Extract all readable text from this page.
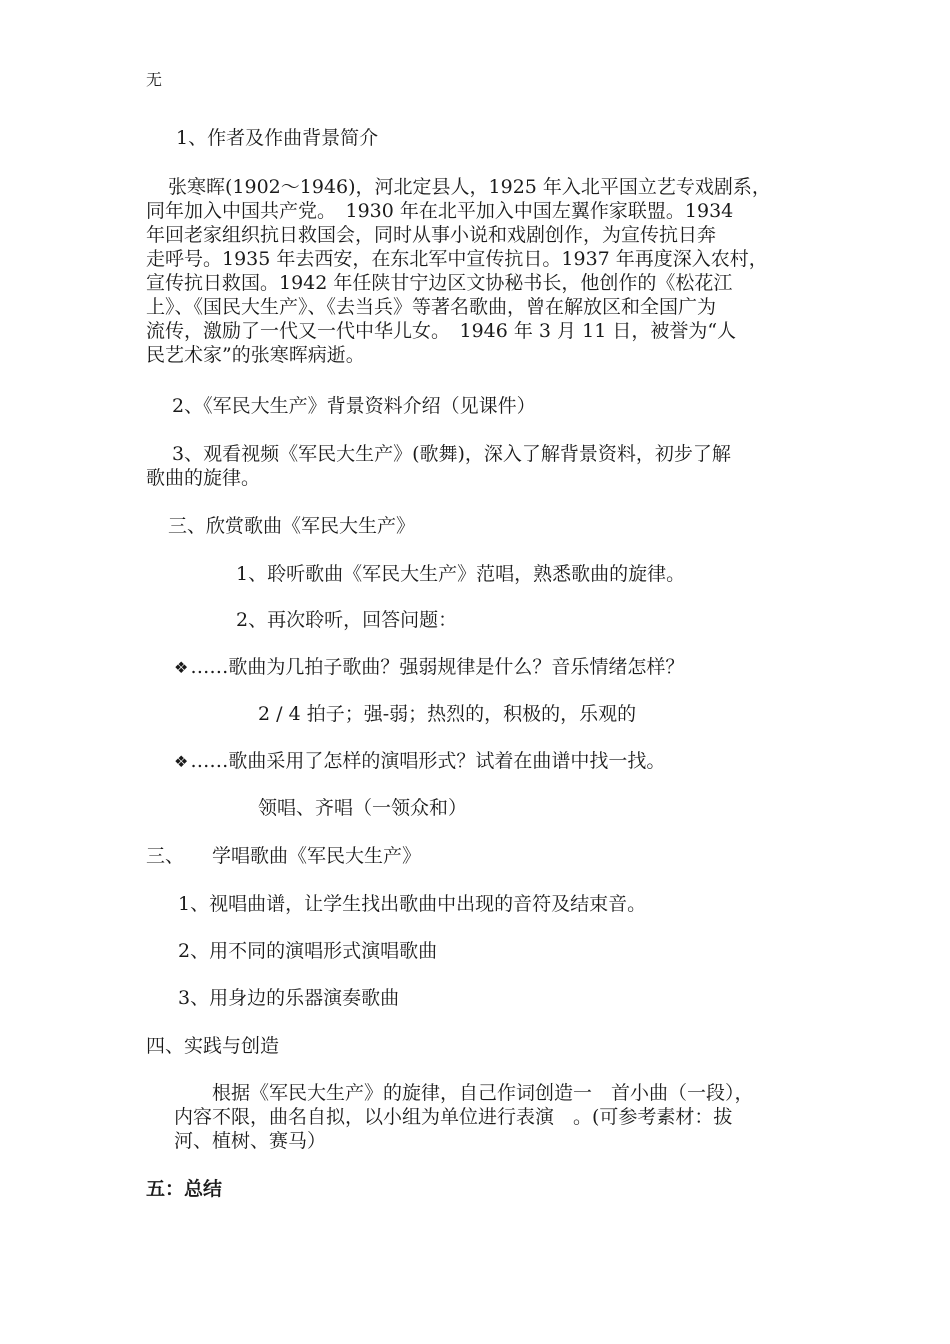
无
1、作者及作曲背景简介
张寒晖(1902～1946)，河北定县人，1925 年入北平国立艺专戏剧系，
同年加入中国共产党。　1930 年在北平加入中国左翼作家联盟。1934
年回老家组织抗日救国会，同时从事小说和戏剧创作，为宣传抗日奔
走呼号。1935 年去西安，在东北军中宣传抗日。1937 年再度深入农村，
宣传抗日救国。1942 年任陕甘宁边区文协秘书长，他创作的《松花江
上》、《国民大生产》、《去当兵》等著名歌曲，曾在解放区和全国广为
流传，激励了一代又一代中华儿女。　1946 年 3 月 11 日，被誉为“人
民艺术家”的张寒晖病逝。
2、《军民大生产》背景资料介绍（见课件）
3、观看视频《军民大生产》(歌舞)，深入了解背景资料，初步了解
歌曲的旋律。
三、欣赏歌曲《军民大生产》
1、聆听歌曲《军民大生产》范唱，熟悉歌曲的旋律。
2、再次聆听，回答问题：
❖ ……歌曲为几拍子歌曲？强弱规律是什么？音乐情绪怎样？
2 / 4 拍子；强-弱；热烈的，积极的，乐观的
❖ ……歌曲采用了怎样的演唱形式？试着在曲谱中找一找。
领唱、齐唱（一领众和）
三、 学唱歌曲《军民大生产》
1、视唱曲谱，让学生找出歌曲中出现的音符及结束音。
2、用不同的演唱形式演唱歌曲
3、用身边的乐器演奏歌曲
四、实践与创造
根据《军民大生产》的旋律，自己作词创造一　首小曲（一段），
内容不限，曲名自拟，以小组为单位进行表演　。(可参考素材：拔
河、植树、赛马）
五：总结
